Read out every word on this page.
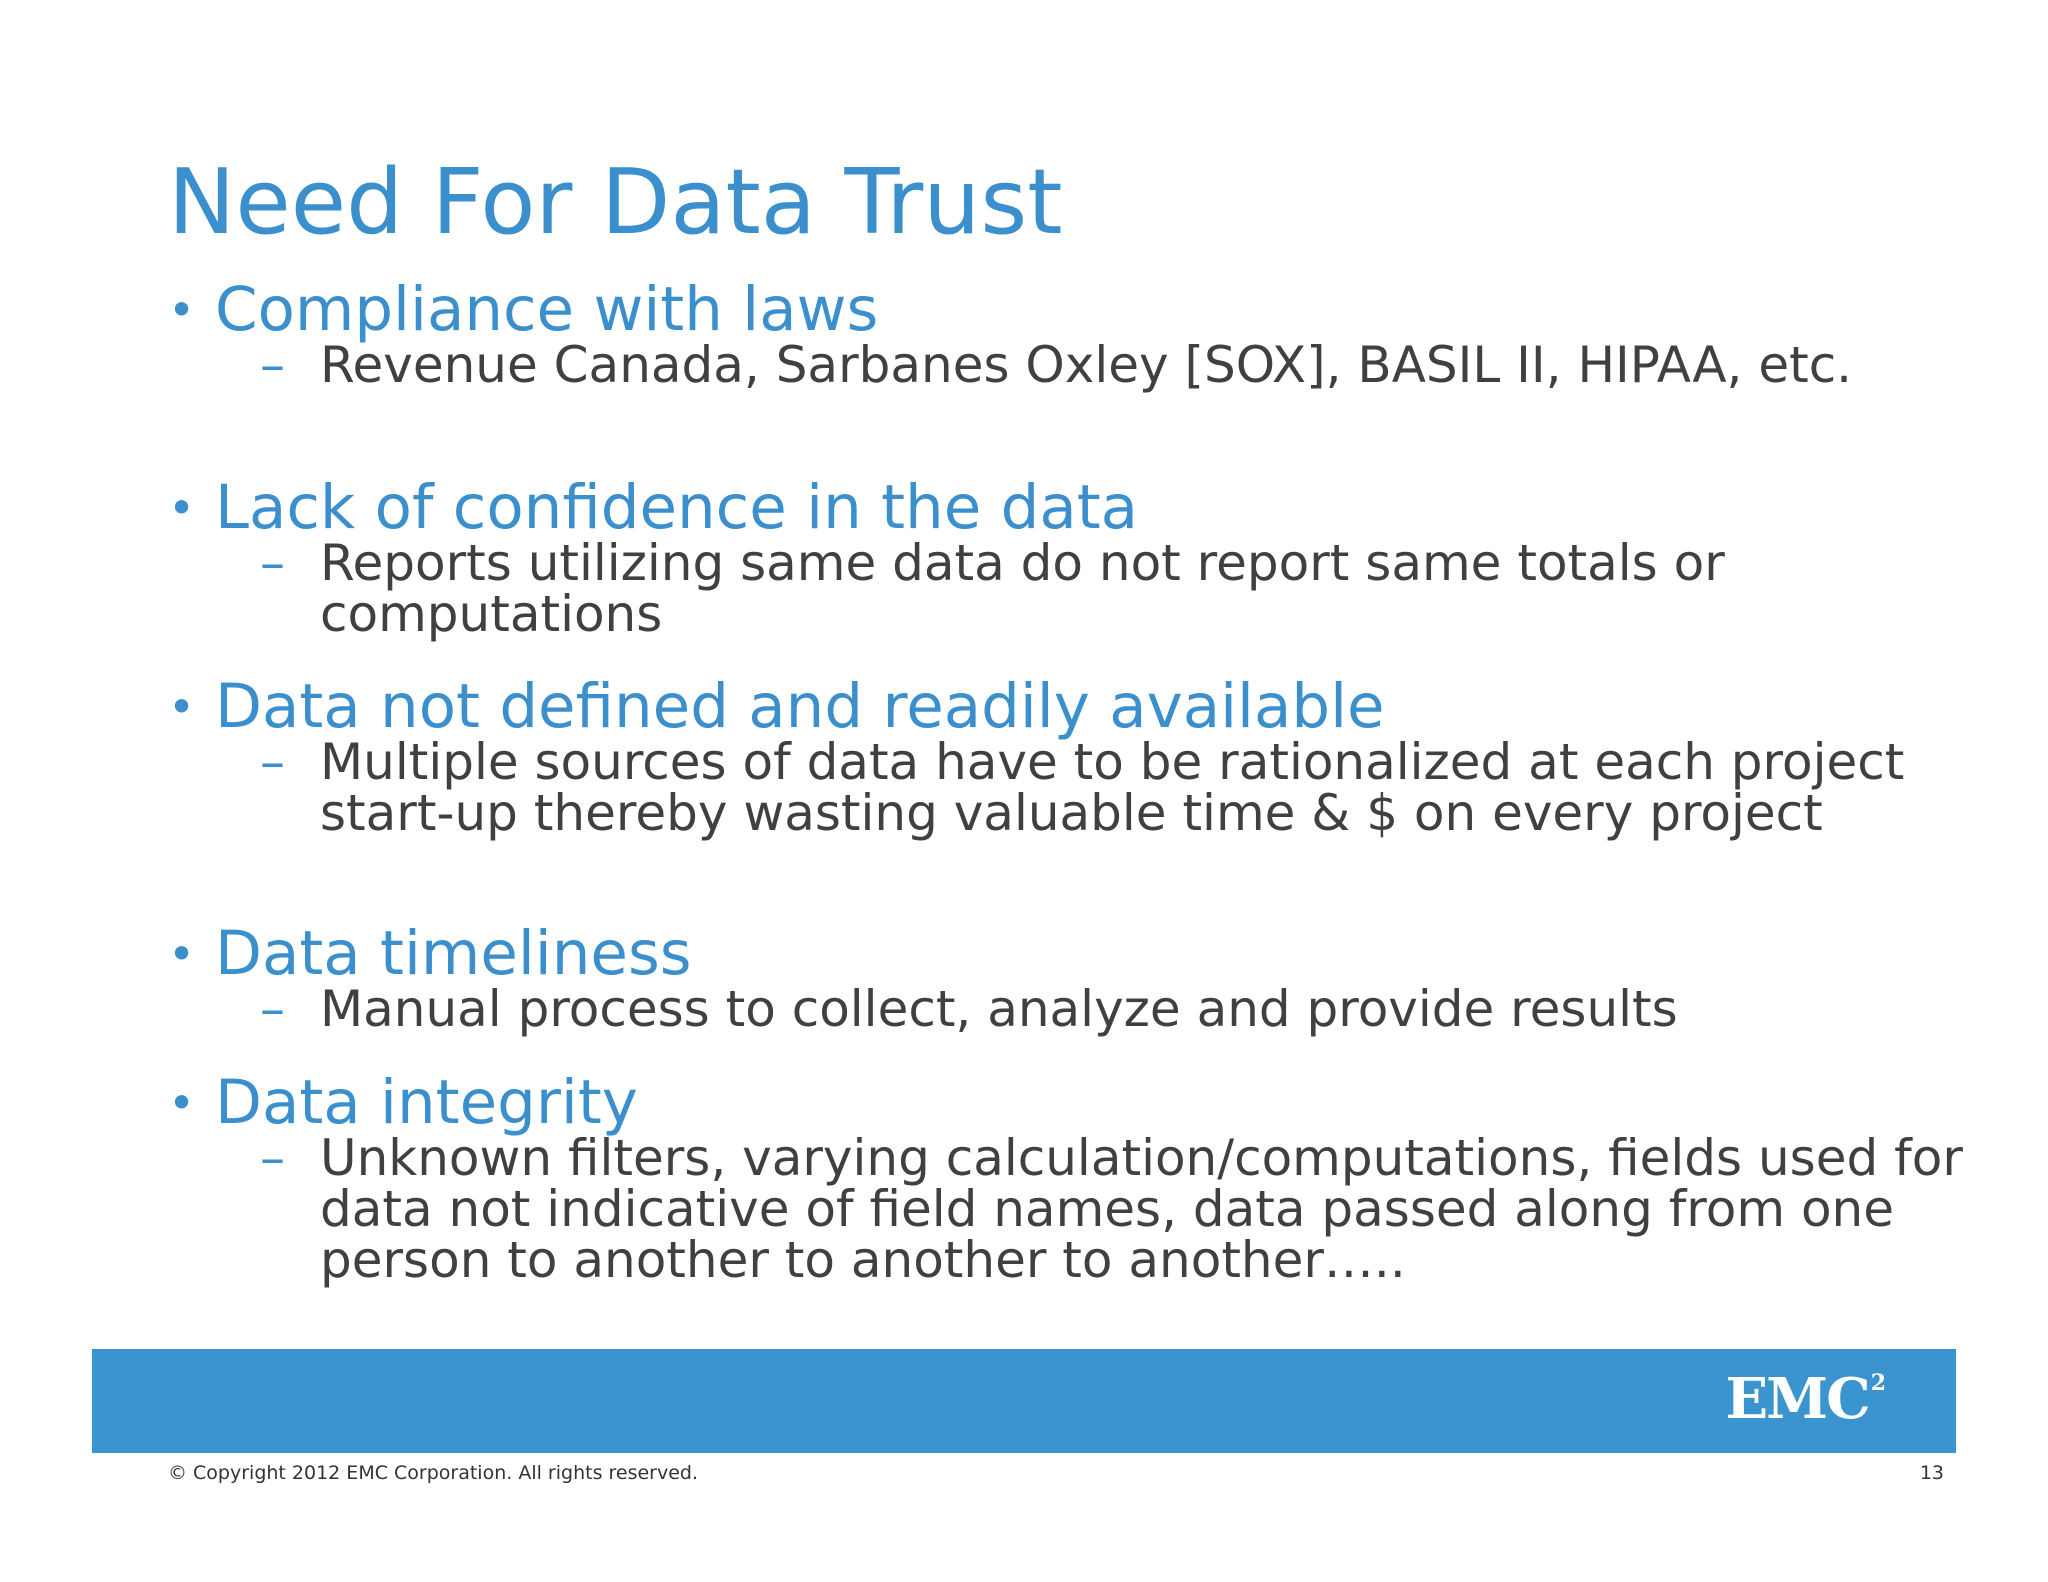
Need For Data Trust
• Compliance with laws
– Revenue Canada, Sarbanes Oxley [SOX], BASIL II, HIPAA, etc.
• Lack of confidence in the data
– Reports utilizing same data do not report same totals or computations
• Data not defined and readily available
– Multiple sources of data have to be rationalized at each project start-up thereby wasting valuable time & $ on every project
• Data timeliness
– Manual process to collect, analyze and provide results
• Data integrity
– Unknown filters, varying calculation/computations, fields used for data not indicative of field names, data passed along from one person to another to another to another…..
EMC$^2$
© Copyright 2012 EMC Corporation. All rights reserved.	13
